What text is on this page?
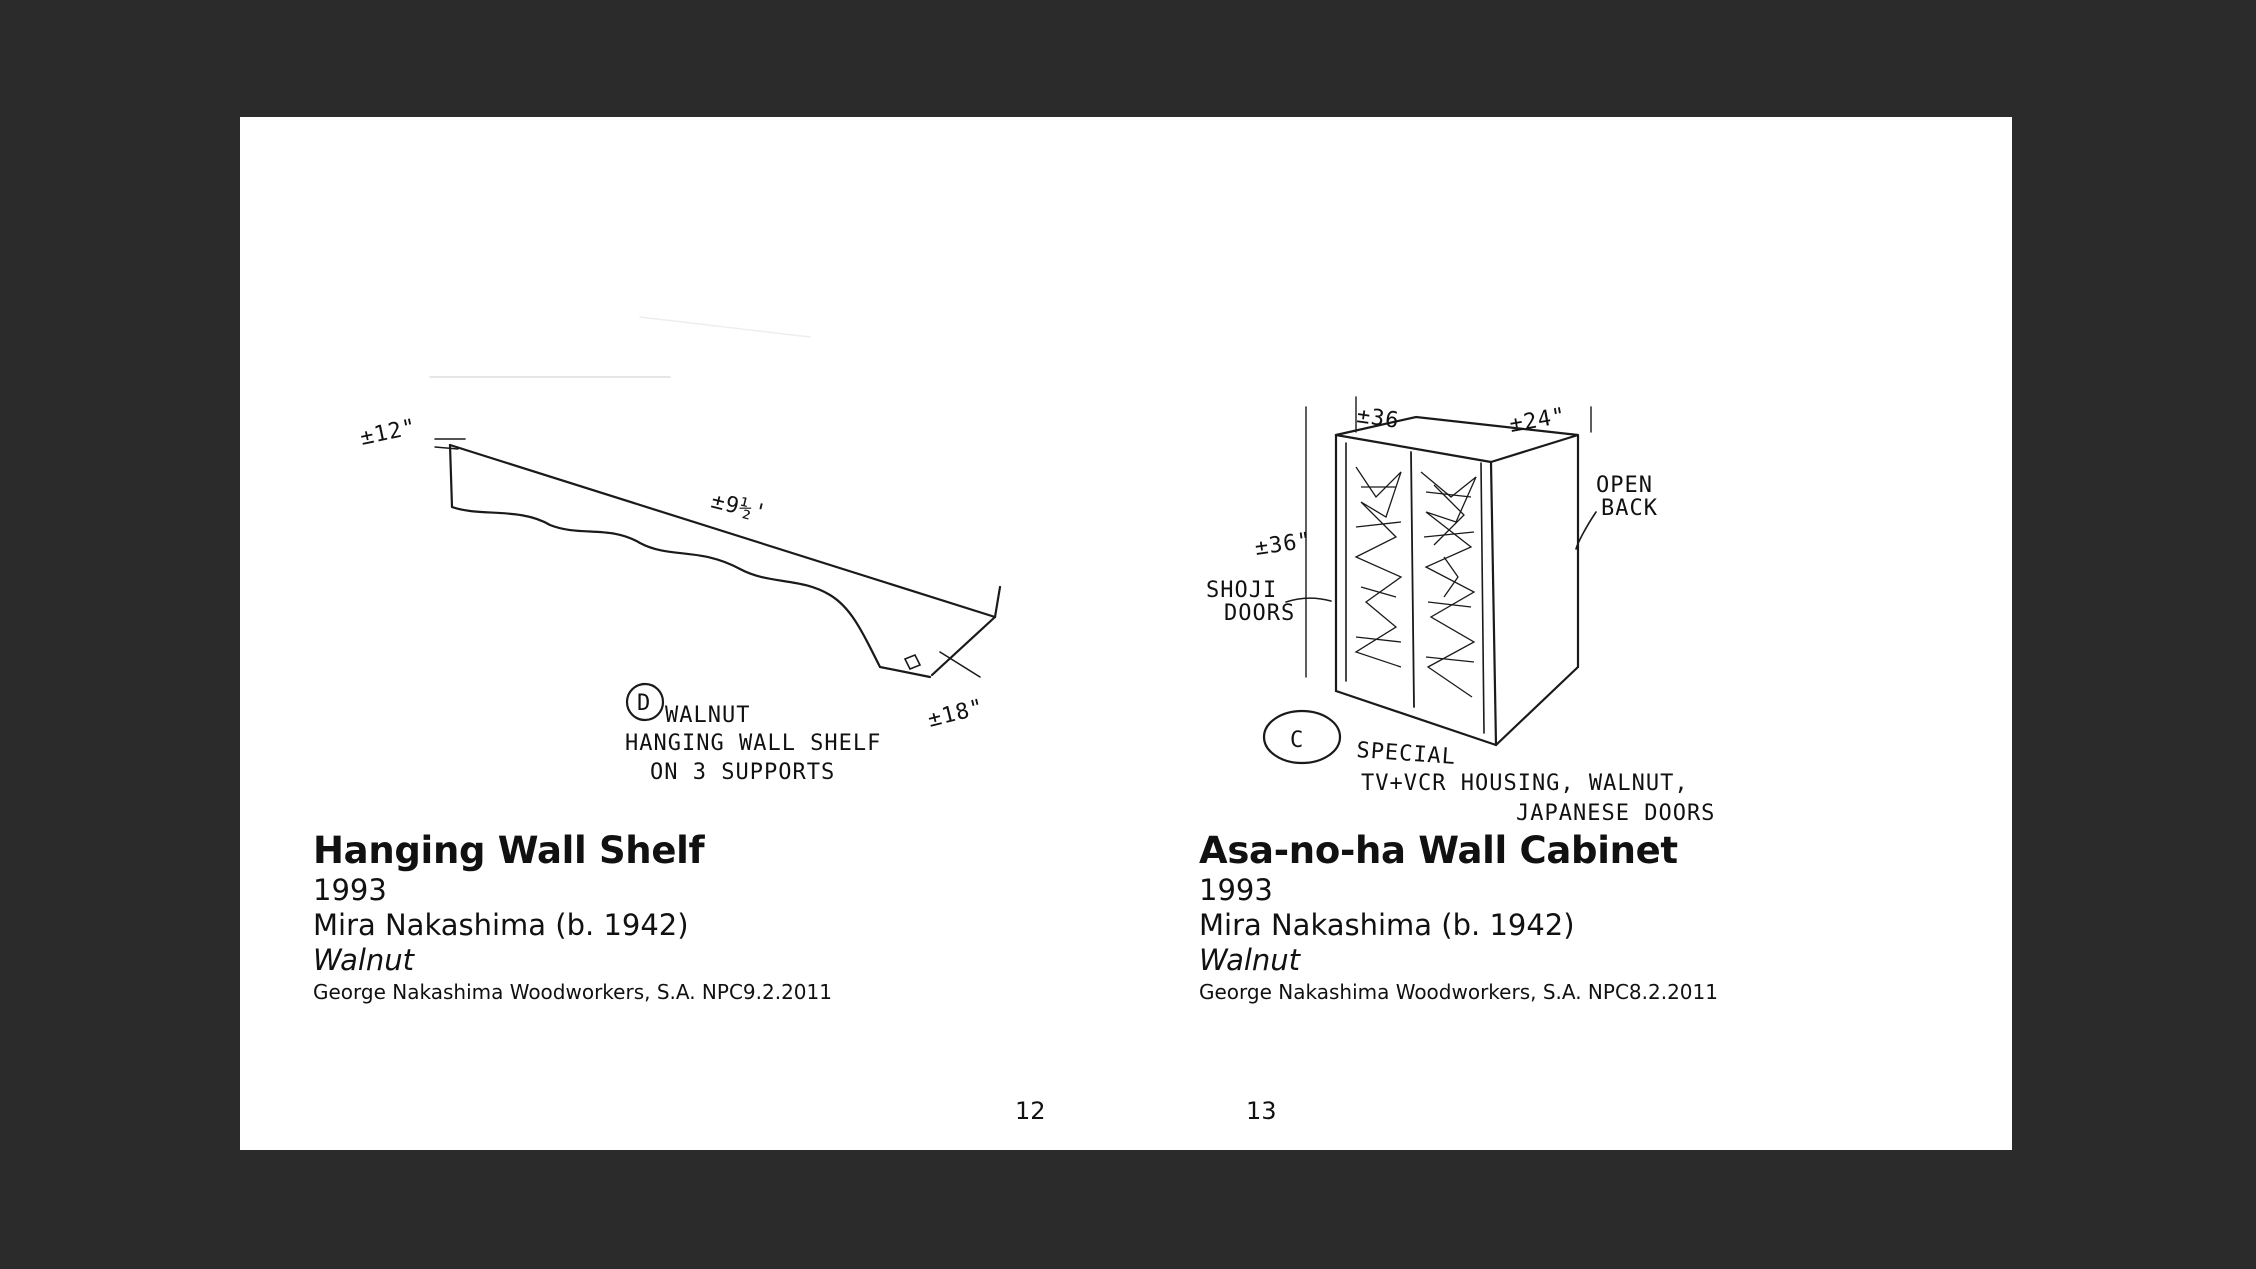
±12"
±9½'
±18"
D WALNUT
HANGING WALL SHELF
ON 3 SUPPORTS
Hanging Wall Shelf
1993
Mira Nakashima (b. 1942)
Walnut
George Nakashima Woodworkers, S.A. NPC9.2.2011
12
±36	±24"
±36"
OPEN
BACK
SHOJI
DOORS
C SPECIAL
TV+VCR HOUSING, WALNUT,
JAPANESE DOORS
Asa-no-ha Wall Cabinet
1993
Mira Nakashima (b. 1942)
Walnut
George Nakashima Woodworkers, S.A. NPC8.2.2011
13
